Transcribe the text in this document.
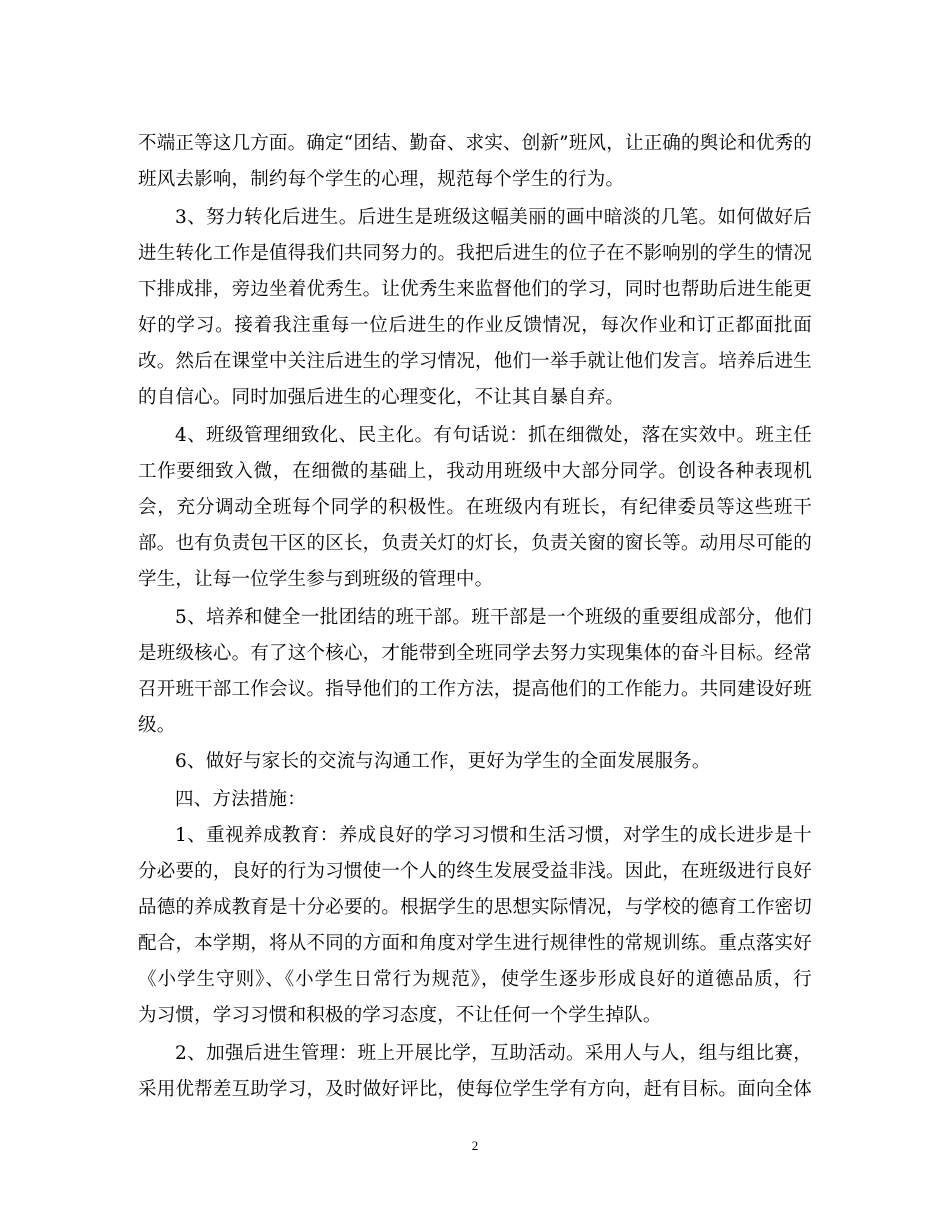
不端正等这几方面。确定“团结、勤奋、求实、创新”班风，让正确的舆论和优秀的
班风去影响，制约每个学生的心理，规范每个学生的行为。
3、努力转化后进生。后进生是班级这幅美丽的画中暗淡的几笔。如何做好后
进生转化工作是值得我们共同努力的。我把后进生的位子在不影响别的学生的情况
下排成排，旁边坐着优秀生。让优秀生来监督他们的学习，同时也帮助后进生能更
好的学习。接着我注重每一位后进生的作业反馈情况，每次作业和订正都面批面
改。然后在课堂中关注后进生的学习情况，他们一举手就让他们发言。培养后进生
的自信心。同时加强后进生的心理变化，不让其自暴自弃。
4、班级管理细致化、民主化。有句话说：抓在细微处，落在实效中。班主任
工作要细致入微，在细微的基础上，我动用班级中大部分同学。创设各种表现机
会，充分调动全班每个同学的积极性。在班级内有班长，有纪律委员等这些班干
部。也有负责包干区的区长，负责关灯的灯长，负责关窗的窗长等。动用尽可能的
学生，让每一位学生参与到班级的管理中。
5、培养和健全一批团结的班干部。班干部是一个班级的重要组成部分，他们
是班级核心。有了这个核心，才能带到全班同学去努力实现集体的奋斗目标。经常
召开班干部工作会议。指导他们的工作方法，提高他们的工作能力。共同建设好班
级。
6、做好与家长的交流与沟通工作，更好为学生的全面发展服务。
四、方法措施：
1、重视养成教育：养成良好的学习习惯和生活习惯，对学生的成长进步是十
分必要的，良好的行为习惯使一个人的终生发展受益非浅。因此，在班级进行良好
品德的养成教育是十分必要的。根据学生的思想实际情况，与学校的德育工作密切
配合，本学期，将从不同的方面和角度对学生进行规律性的常规训练。重点落实好
《小学生守则》、《小学生日常行为规范》，使学生逐步形成良好的道德品质，行
为习惯，学习习惯和积极的学习态度，不让任何一个学生掉队。
2、加强后进生管理：班上开展比学，互助活动。采用人与人，组与组比赛，
采用优帮差互助学习，及时做好评比，使每位学生学有方向，赶有目标。面向全体
2
